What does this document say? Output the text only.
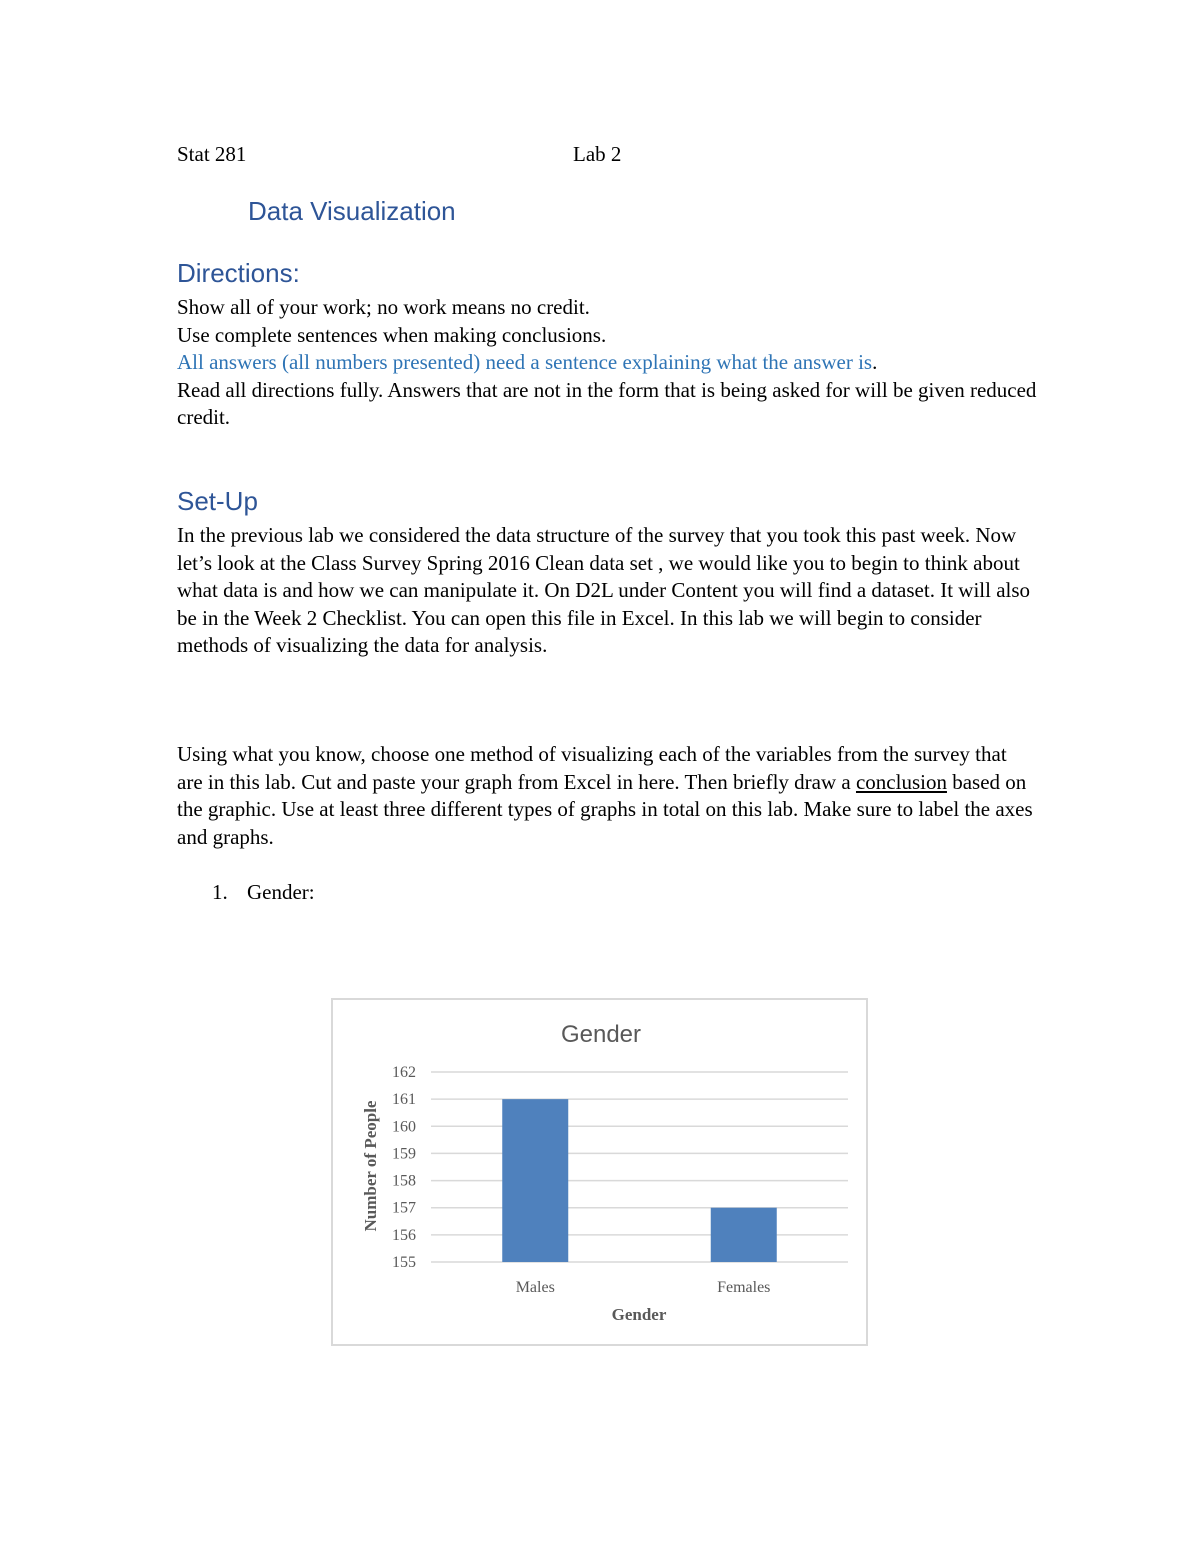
Stat 281	Lab 2
Data Visualization
Directions:

Show all of your work; no work means no credit.

Use complete sentences when making conclusions.

All answers (all numbers presented) need a sentence explaining what the answer is.

Read all directions fully. Answers that are not in the form that is being asked for will be given reduced credit.

Set-Up

In the previous lab we considered the data structure of the survey that you took this past week. Now let’s look at the Class Survey Spring 2016 Clean data set , we would like you to begin to think about what data is and how we can manipulate it. On D2L under Content you will find a dataset. It will also be in the Week 2 Checklist. You can open this file in Excel. In this lab we will begin to consider methods of visualizing the data for analysis.

Using what you know, choose one method of visualizing each of the variables from the survey that are in this lab. Cut and paste your graph from Excel in here. Then briefly draw a conclusion based on the graphic. Use at least three different types of graphs in total on this lab. Make sure to label the axes and graphs.

1. Gender:
Gender
155
156
157
158
159
160
161
162
Males	Females
Gender
Number of People
